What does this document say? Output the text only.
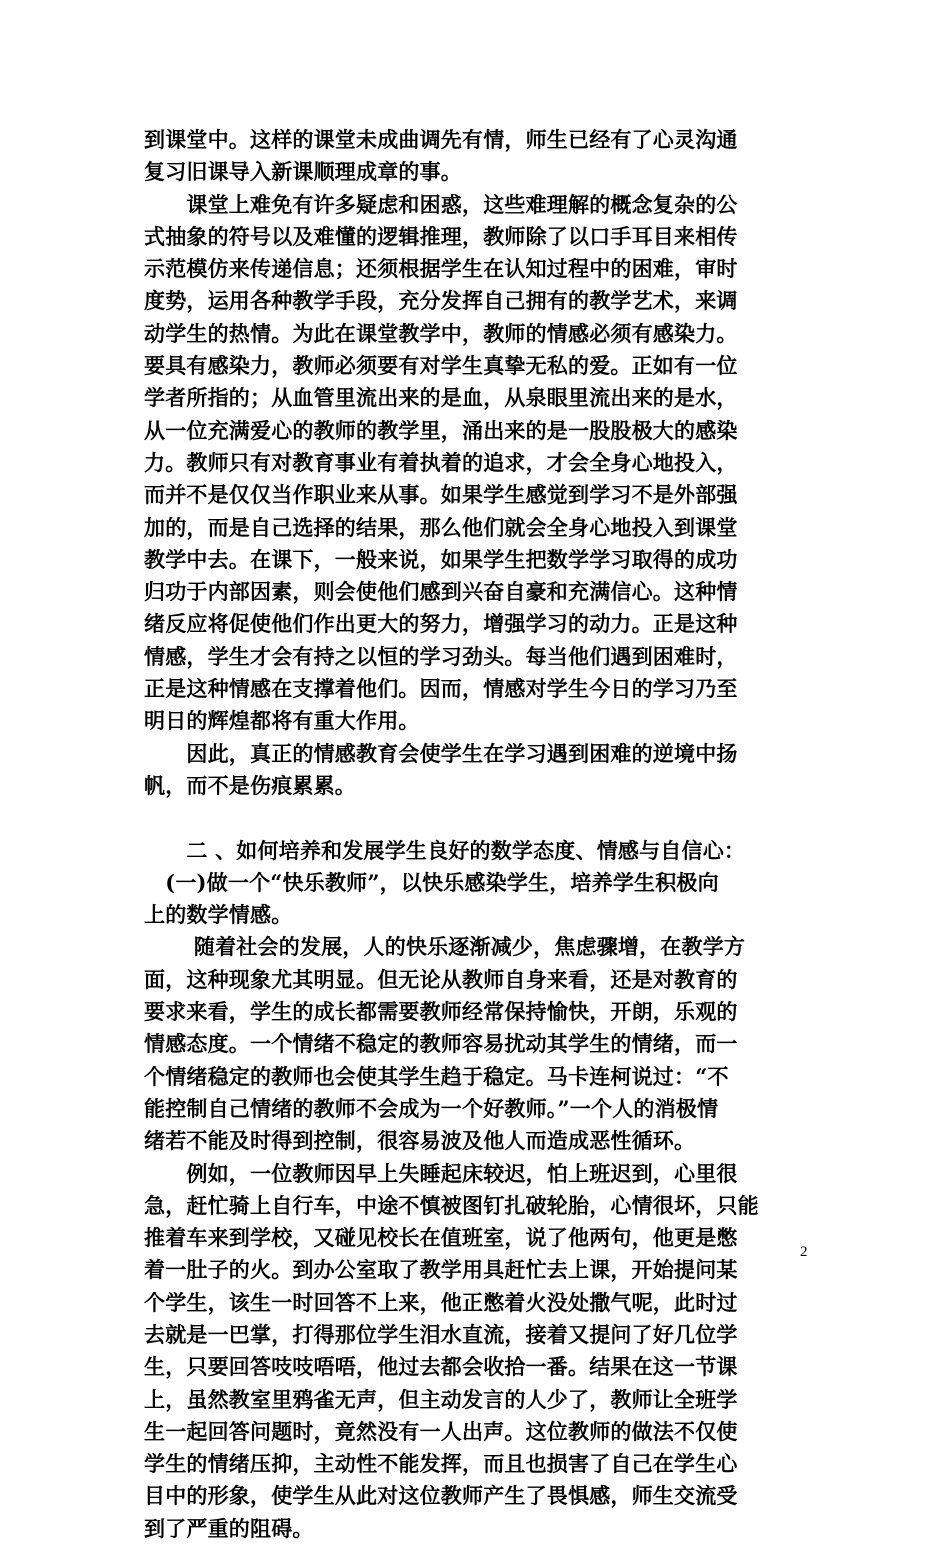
到课堂中。这样的课堂未成曲调先有情，师生已经有了心灵沟通
复习旧课导入新课顺理成章的事。
　　课堂上难免有许多疑虑和困惑，这些难理解的概念复杂的公
式抽象的符号以及难懂的逻辑推理，教师除了以口手耳目来相传
示范模仿来传递信息；还须根据学生在认知过程中的困难，审时
度势，运用各种教学手段，充分发挥自己拥有的教学艺术，来调
动学生的热情。为此在课堂教学中，教师的情感必须有感染力。
要具有感染力，教师必须要有对学生真挚无私的爱。正如有一位
学者所指的；从血管里流出来的是血，从泉眼里流出来的是水，
从一位充满爱心的教师的教学里，涌出来的是一股股极大的感染
力。教师只有对教育事业有着执着的追求，才会全身心地投入，
而并不是仅仅当作职业来从事。如果学生感觉到学习不是外部强
加的，而是自己选择的结果，那么他们就会全身心地投入到课堂
教学中去。在课下，一般来说，如果学生把数学学习取得的成功
归功于内部因素，则会使他们感到兴奋自豪和充满信心。这种情
绪反应将促使他们作出更大的努力，增强学习的动力。正是这种
情感，学生才会有持之以恒的学习劲头。每当他们遇到困难时，
正是这种情感在支撑着他们。因而，情感对学生今日的学习乃至
明日的辉煌都将有重大作用。
　　因此，真正的情感教育会使学生在学习遇到困难的逆境中扬
帆，而不是伤痕累累。
　　二 、如何培养和发展学生良好的数学态度、情感与自信心：
　(一)做一个“快乐教师”，以快乐感染学生，培养学生积极向
上的数学情感。
　　 随着社会的发展，人的快乐逐渐减少，焦虑骤增，在教学方
面，这种现象尤其明显。但无论从教师自身来看，还是对教育的
要求来看，学生的成长都需要教师经常保持愉快，开朗，乐观的
情感态度。一个情绪不稳定的教师容易扰动其学生的情绪，而一
个情绪稳定的教师也会使其学生趋于稳定。马卡连柯说过：“不
能控制自己情绪的教师不会成为一个好教师。”一个人的消极情
绪若不能及时得到控制，很容易波及他人而造成恶性循环。
　　例如，一位教师因早上失睡起床较迟，怕上班迟到，心里很
急，赶忙骑上自行车，中途不慎被图钉扎破轮胎，心情很坏，只能
推着车来到学校，又碰见校长在值班室，说了他两句，他更是憋
着一肚子的火。到办公室取了教学用具赶忙去上课，开始提问某
个学生，该生一时回答不上来，他正憋着火没处撒气呢，此时过
去就是一巴掌，打得那位学生泪水直流，接着又提问了好几位学
生，只要回答吱吱唔唔，他过去都会收拾一番。结果在这一节课
上，虽然教室里鸦雀无声，但主动发言的人少了，教师让全班学
生一起回答问题时，竟然没有一人出声。这位教师的做法不仅使
学生的情绪压抑，主动性不能发挥，而且也损害了自己在学生心
目中的形象，使学生从此对这位教师产生了畏惧感，师生交流受
到了严重的阻碍。
2
